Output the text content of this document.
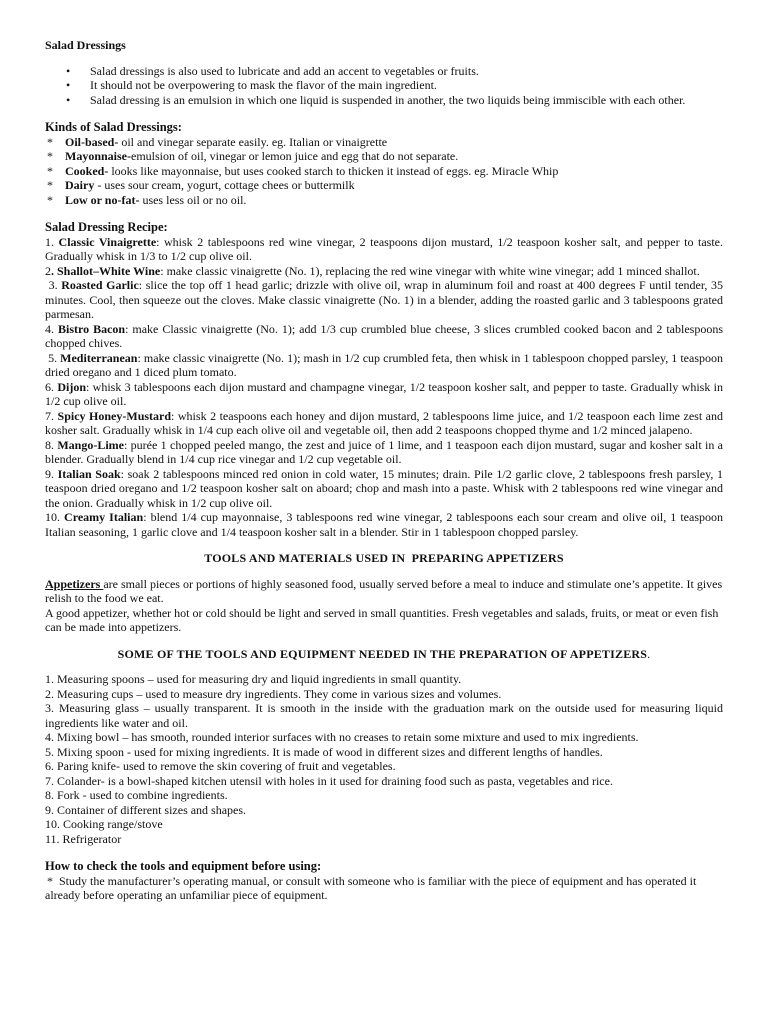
Salad Dressings
• Salad dressings is also used to lubricate and add an accent to vegetables or fruits.
• It should not be overpowering to mask the flavor of the main ingredient.
• Salad dressing is an emulsion in which one liquid is suspended in another, the two liquids being immiscible with each other.
Kinds of Salad Dressings:
*	Oil-based- oil and vinegar separate easily. eg. Italian or vinaigrette
*	Mayonnaise-emulsion of oil, vinegar or lemon juice and egg that do not separate.
*	Cooked- looks like mayonnaise, but uses cooked starch to thicken it instead of eggs. eg. Miracle Whip
*	Dairy - uses sour cream, yogurt, cottage chees or buttermilk
*	Low or no-fat- uses less oil or no oil.
Salad Dressing Recipe:

1. Classic Vinaigrette: whisk 2 tablespoons red wine vinegar, 2 teaspoons dijon mustard, 1/2 teaspoon kosher salt, and pepper to taste. Gradually whisk in 1/3 to 1/2 cup olive oil.

2. Shallot–White Wine: make classic vinaigrette (No. 1), replacing the red wine vinegar with white wine vinegar; add 1 minced shallot.

3. Roasted Garlic: slice the top off 1 head garlic; drizzle with olive oil, wrap in aluminum foil and roast at 400 degrees F until tender, 35 minutes. Cool, then squeeze out the cloves. Make classic vinaigrette (No. 1) in a blender, adding the roasted garlic and 3 tablespoons grated parmesan.

4. Bistro Bacon: make Classic vinaigrette (No. 1); add 1/3 cup crumbled blue cheese, 3 slices crumbled cooked bacon and 2 tablespoons chopped chives.

5. Mediterranean: make classic vinaigrette (No. 1); mash in 1/2 cup crumbled feta, then whisk in 1 tablespoon chopped parsley, 1 teaspoon dried oregano and 1 diced plum tomato.

6. Dijon: whisk 3 tablespoons each dijon mustard and champagne vinegar, 1/2 teaspoon kosher salt, and pepper to taste. Gradually whisk in 1/2 cup olive oil.

7. Spicy Honey-Mustard: whisk 2 teaspoons each honey and dijon mustard, 2 tablespoons lime juice, and 1/2 teaspoon each lime zest and kosher salt. Gradually whisk in 1/4 cup each olive oil and vegetable oil, then add 2 teaspoons chopped thyme and 1/2 minced jalapeno.

8. Mango-Lime: purée 1 chopped peeled mango, the zest and juice of 1 lime, and 1 teaspoon each dijon mustard, sugar and kosher salt in a blender. Gradually blend in 1/4 cup rice vinegar and 1/2 cup vegetable oil.

9. Italian Soak: soak 2 tablespoons minced red onion in cold water, 15 minutes; drain. Pile 1/2 garlic clove, 2 tablespoons fresh parsley, 1 teaspoon dried oregano and 1/2 teaspoon kosher salt on aboard; chop and mash into a paste. Whisk with 2 tablespoons red wine vinegar and the onion. Gradually whisk in 1/2 cup olive oil.

10. Creamy Italian: blend 1/4 cup mayonnaise, 3 tablespoons red wine vinegar, 2 tablespoons each sour cream and olive oil, 1 teaspoon Italian seasoning, 1 garlic clove and 1/4 teaspoon kosher salt in a blender. Stir in 1 tablespoon chopped parsley.

TOOLS AND MATERIALS USED IN  PREPARING APPETIZERS

Appetizers are small pieces or portions of highly seasoned food, usually served before a meal to induce and stimulate one’s appetite. It gives relish to the food we eat.

A good appetizer, whether hot or cold should be light and served in small quantities. Fresh vegetables and salads, fruits, or meat or even fish can be made into appetizers.

SOME OF THE TOOLS AND EQUIPMENT NEEDED IN THE PREPARATION OF APPETIZERS.

1. Measuring spoons – used for measuring dry and liquid ingredients in small quantity.

2. Measuring cups – used to measure dry ingredients. They come in various sizes and volumes.

3. Measuring glass – usually transparent. It is smooth in the inside with the graduation mark on the outside used for measuring liquid ingredients like water and oil.

4. Mixing bowl – has smooth, rounded interior surfaces with no creases to retain some mixture and used to mix ingredients.

5. Mixing spoon - used for mixing ingredients. It is made of wood in different sizes and different lengths of handles.

6. Paring knife- used to remove the skin covering of fruit and vegetables.

7. Colander- is a bowl-shaped kitchen utensil with holes in it used for draining food such as pasta, vegetables and rice.

8. Fork - used to combine ingredients.

9. Container of different sizes and shapes.

10. Cooking range/stove

11. Refrigerator

How to check the tools and equipment before using:

*  Study the manufacturer’s operating manual, or consult with someone who is familiar with the piece of equipment and has operated it already before operating an unfamiliar piece of equipment.
